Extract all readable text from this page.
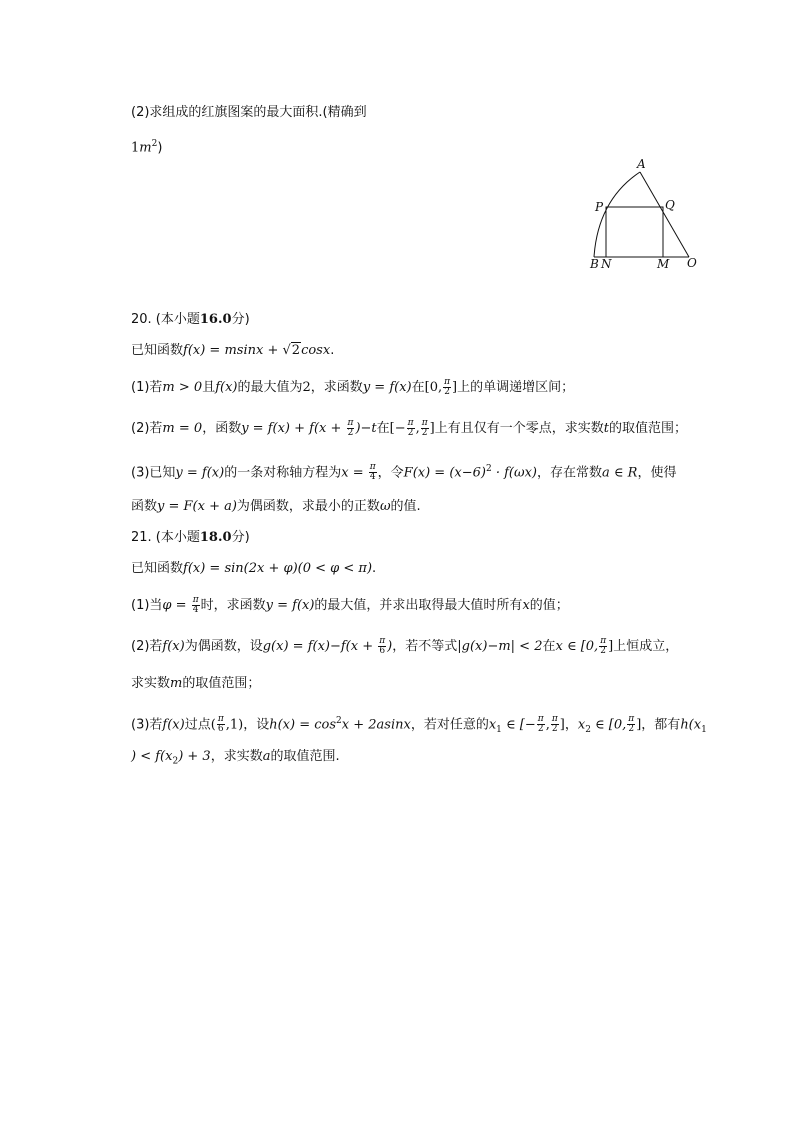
(2)求组成的红旗图案的最大面积.(精确到
$1m^2$)
A
P	Q
B N	M O
20. (本小题16.0分)
已知函数f(x) = msinx + √2cosx.
(1)若m > 0且f(x)的最大值为2，求函数y = f(x)在[0, $\frac{\pi}{2}$ ]上的单调递增区间；
(2)若m = 0，函数$y = f(x) + f(x + \frac{\pi}{2} )-t$在[− $\frac{\pi}{2}$ , $\frac{\pi}{2}$ ]上有且仅有一个零点，求实数t的取值范围；
(3)已知y = f(x)的一条对称轴方程为$x = \frac{\pi}{4}$ ，令$F(x) = (x-6)^2 \cdot f(\omega x)$，存在常数a ∈ R，使得
函数y = F(x + a)为偶函数，求最小的正数ω的值.
21. (本小题18.0分)
已知函数f(x) = sin(2x + φ)(0 < φ < π).
(1)当$\varphi = \frac{\pi}{4}$ 时，求函数y = f(x)的最大值，并求出取得最大值时所有x的值；
(2)若f(x)为偶函数，设$g(x) = f(x)-f(x + \frac{\pi}{6}$ )，若不等式|g(x)−m| < 2在x ∈ [0, $\frac{\pi}{2}$ ]上恒成立，
求实数m的取值范围；
(3)若f(x)过点( $\frac{\pi}{6} ,1$)，设$h(x) = \cos^2x + 2asinx$，若对任意的$x_1$ ∈ [− $\frac{\pi}{2}$ , $\frac{\pi}{2}$ ]，$x_2$ ∈ [0, $\frac{\pi}{2}$ ]，都有$h(x_1$
) < $f(x_2) + 3$，求实数a的取值范围.
